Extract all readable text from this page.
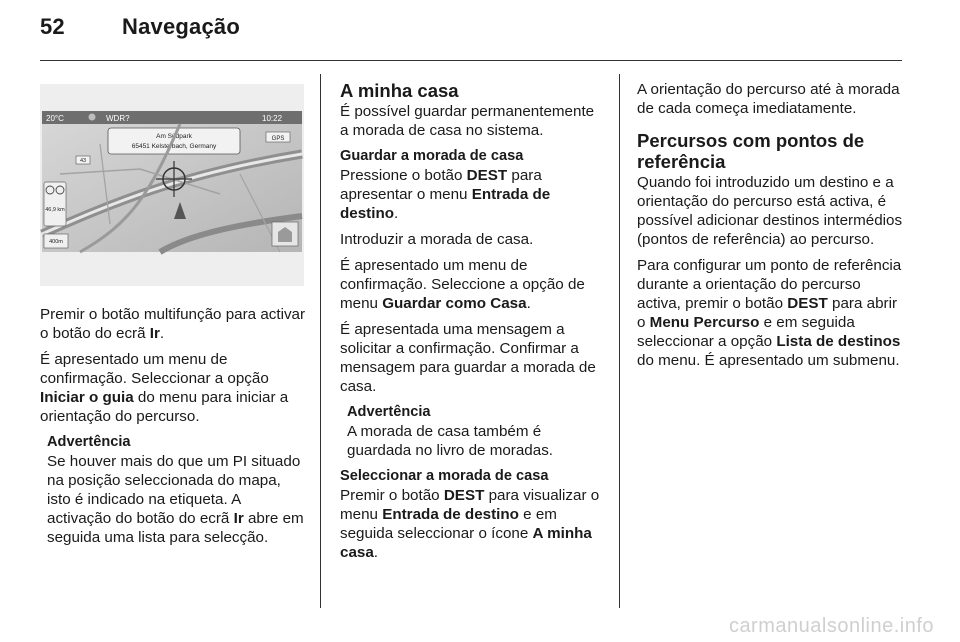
52	Navegação
20°C	WDR?	10:22
Am Südpark
65451 Kelsterbach, Germany
GPS
43
46,9 km
400m

Premir o botão multifunção para activar o botão do ecrã Ir.

É apresentado um menu de confirmação. Seleccionar a opção Iniciar o guia do menu para iniciar a orientação do percurso.

Advertência
Se houver mais do que um PI situado na posição seleccionada do mapa, isto é indicado na etiqueta. A activação do botão do ecrã Ir abre em seguida uma lista para selecção.
A minha casa

É possível guardar permanentemente a morada de casa no sistema.

Guardar a morada de casa

Pressione o botão DEST para apresentar o menu Entrada de destino.

Introduzir a morada de casa.

É apresentado um menu de confirmação. Seleccione a opção de menu Guardar como Casa.

É apresentada uma mensagem a solicitar a confirmação. Confirmar a mensagem para guardar a morada de casa.

Advertência
A morada de casa também é guardada no livro de moradas.
Seleccionar a morada de casa

Premir o botão DEST para visualizar o menu Entrada de destino e em seguida seleccionar o ícone A minha casa.

A orientação do percurso até à morada de cada começa imediatamente.

Percursos com pontos de referência

Quando foi introduzido um destino e a orientação do percurso está activa, é possível adicionar destinos intermédios (pontos de referência) ao percurso.

Para configurar um ponto de referência durante a orientação do percurso activa, premir o botão DEST para abrir o Menu Percurso e em seguida seleccionar a opção Lista de destinos do menu. É apresentado um submenu.

carmanualsonline.info
